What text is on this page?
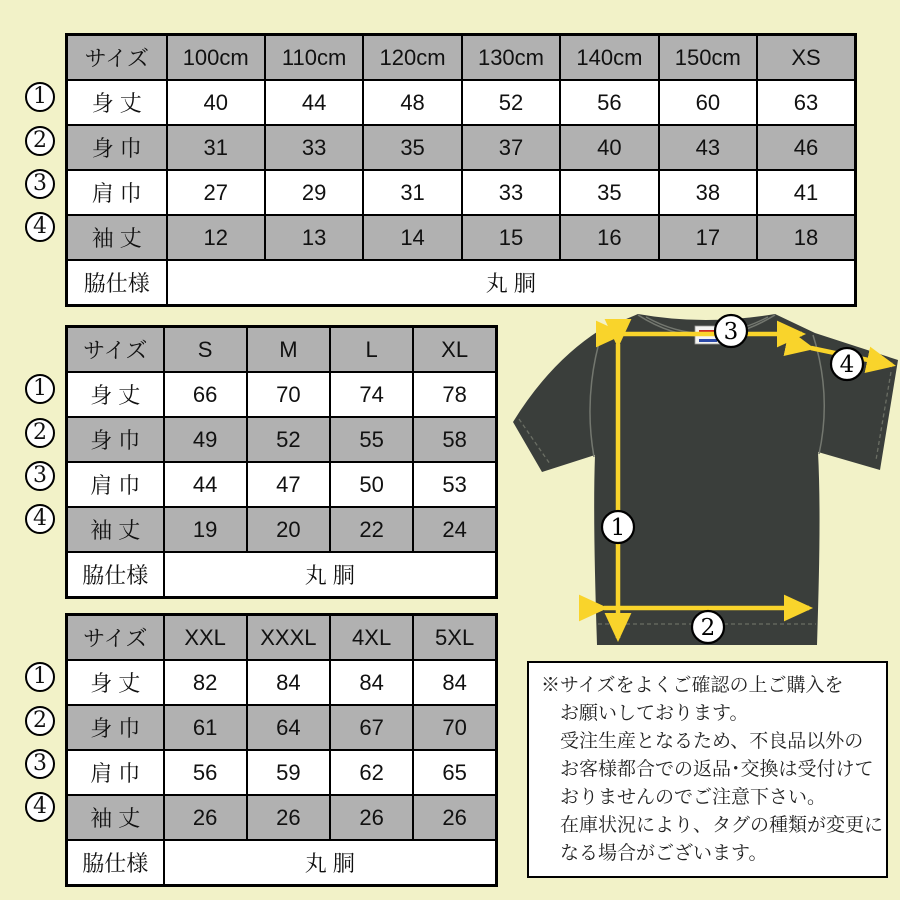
サイズ	100cm	110cm	120cm	130cm	140cm	150cm	XS
身 丈	40	44	48	52	56	60	63
身 巾	31	33	35	37	40	43	46
肩 巾	27	29	31	33	35	38	41
袖 丈	12	13	14	15	16	17	18
脇仕様	丸 胴						
サイズ	S	M	L	XL
身 丈	66	70	74	78
身 巾	49	52	55	58
肩 巾	44	47	50	53
袖 丈	19	20	22	24
脇仕様	丸 胴			
サイズ	XXL	XXXL	4XL	5XL
身 丈	82	84	84	84
身 巾	61	64	67	70
肩 巾	56	59	62	65
袖 丈	26	26	26	26
脇仕様	丸 胴			
1
2
3
4
1
2
3
4
1
2
3
4
3
4
1
2
※サイズをよくご確認の上ご購入を
お願いしております。
受注生産となるため、不良品以外の
お客様都合での返品･交換は受付けて
おりませんのでご注意下さい。
在庫状況により、タグの種類が変更に
なる場合がございます。
